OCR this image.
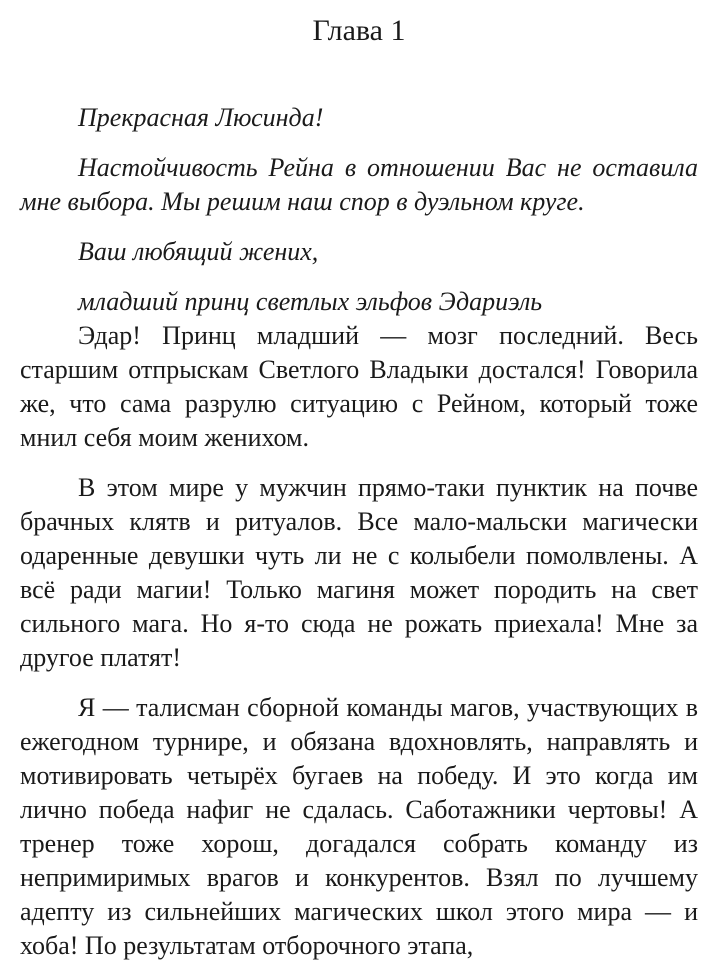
Глава 1

Прекрасная Люсинда!

Настойчивость Рейна в отношении Вас не оставила мне выбора. Мы решим наш спор в дуэльном круге.

Ваш любящий жених,

младший принц светлых эльфов Эдариэль

Эдар! Принц младший — мозг последний. Весь старшим отпрыскам Светлого Владыки достался! Говорила же, что сама разрулю ситуацию с Рейном, который тоже мнил себя моим женихом.

В этом мире у мужчин прямо-таки пунктик на почве брачных клятв и ритуалов. Все мало-мальски магически одаренные девушки чуть ли не с колыбели помолвлены. А всё ради магии! Только магиня может породить на свет сильного мага. Но я-то сюда не рожать приехала! Мне за другое платят!

Я — талисман сборной команды магов, участвующих в ежегодном турнире, и обязана вдохновлять, направлять и мотивировать четырёх бугаев на победу. И это когда им лично победа нафиг не сдалась. Саботажники чертовы! А тренер тоже хорош, догадался собрать команду из непримиримых врагов и конкурентов. Взял по лучшему адепту из сильнейших магических школ этого мира — и хоба! По результатам отборочного этапа,
